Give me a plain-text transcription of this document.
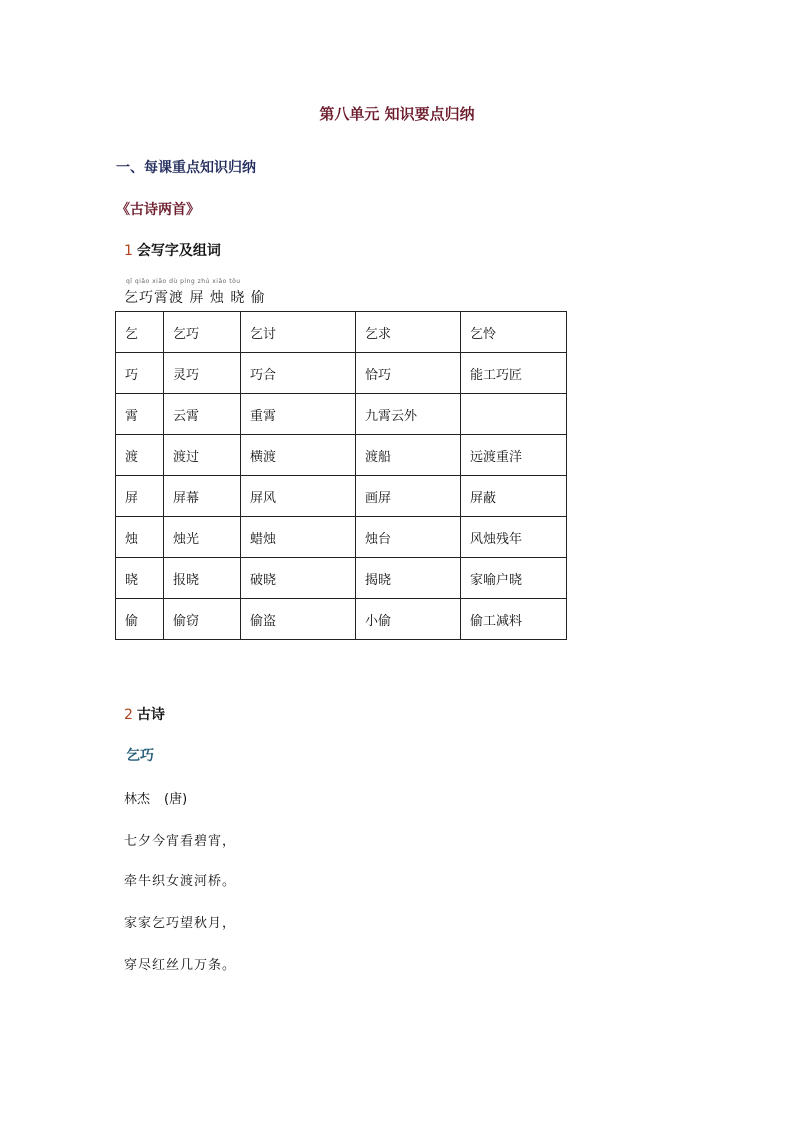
第八单元 知识要点归纳
一、每课重点知识归纳
《古诗两首》
1 会写字及组词
qǐ qiǎo xiāo dù píng zhú xiǎo tōu
乞巧霄渡 屏 烛 晓 偷
乞	乞巧	乞讨	乞求	乞怜
巧	灵巧	巧合	恰巧	能工巧匠
霄	云霄	重霄	九霄云外	
渡	渡过	横渡	渡船	远渡重洋
屏	屏幕	屏风	画屏	屏蔽
烛	烛光	蜡烛	烛台	风烛残年
晓	报晓	破晓	揭晓	家喻户晓
偷	偷窃	偷盗	小偷	偷工减料
2 古诗
乞巧
林杰 (唐)
七夕今宵看碧宵，
牵牛织女渡河桥。
家家乞巧望秋月，
穿尽红丝几万条。
